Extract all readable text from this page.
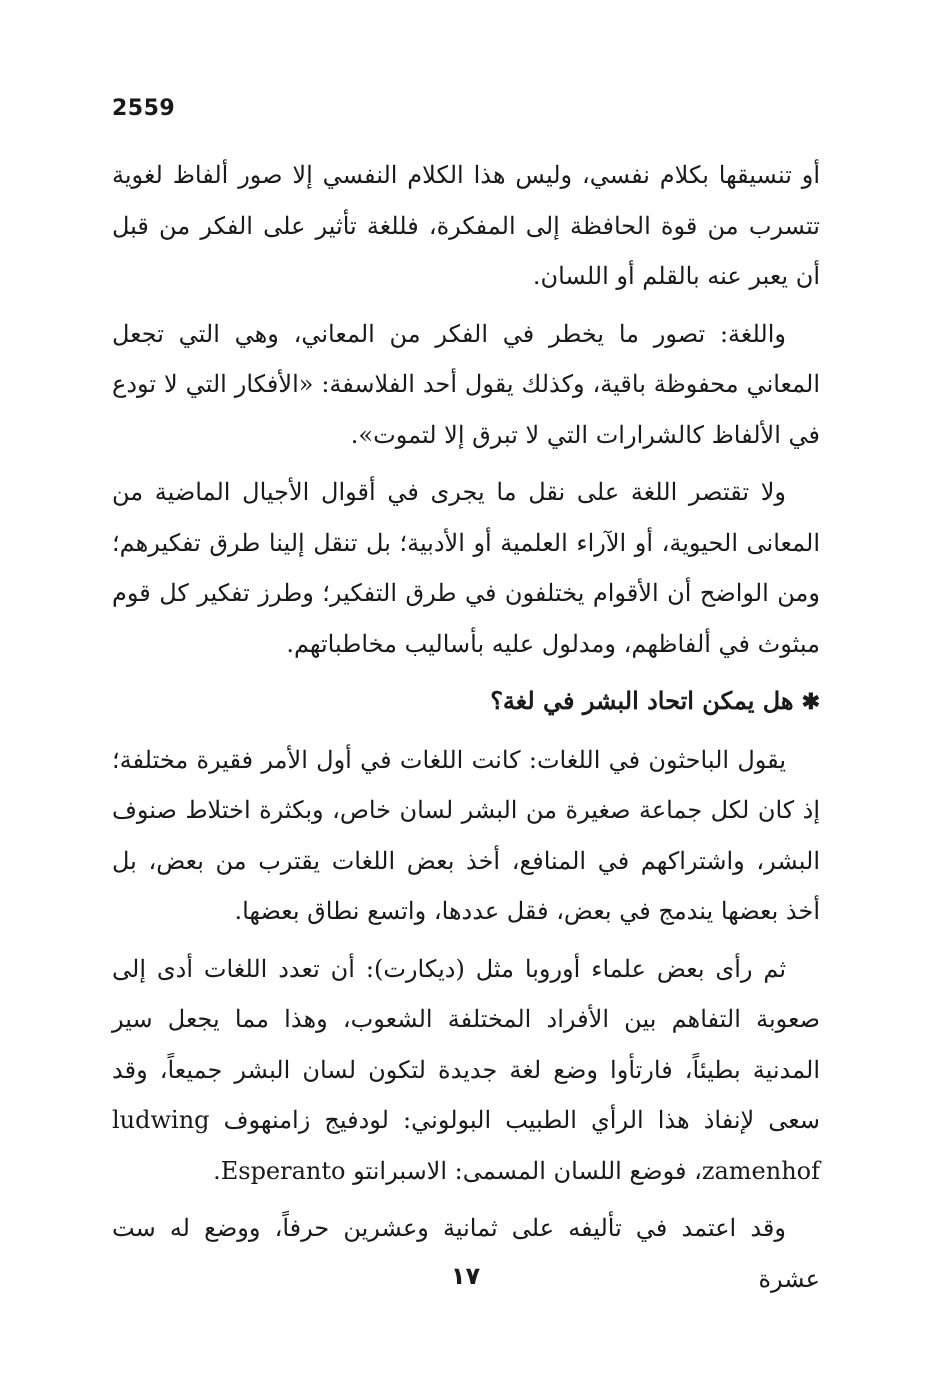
2559

أو تنسيقها بكلام نفسي، وليس هذا الكلام النفسي إلا صور ألفاظ لغوية تتسرب من قوة الحافظة إلى المفكرة، فللغة تأثير على الفكر من قبل أن يعبر عنه بالقلم أو اللسان.

واللغة: تصور ما يخطر في الفكر من المعاني، وهي التي تجعل المعاني محفوظة باقية، وكذلك يقول أحد الفلاسفة: «الأفكار التي لا تودع في الألفاظ كالشرارات التي لا تبرق إلا لتموت».

ولا تقتصر اللغة على نقل ما يجرى في أقوال الأجيال الماضية من المعانى الحيوية، أو الآراء العلمية أو الأدبية؛ بل تنقل إلينا طرق تفكيرهم؛ ومن الواضح أن الأقوام يختلفون في طرق التفكير؛ وطرز تفكير كل قوم مبثوث في ألفاظهم، ومدلول عليه بأساليب مخاطباتهم.

✱هل يمكن اتحاد البشر في لغة؟

يقول الباحثون في اللغات: كانت اللغات في أول الأمر فقيرة مختلفة؛ إذ كان لكل جماعة صغيرة من البشر لسان خاص، وبكثرة اختلاط صنوف البشر، واشتراكهم في المنافع، أخذ بعض اللغات يقترب من بعض، بل أخذ بعضها يندمج في بعض، فقل عددها، واتسع نطاق بعضها.

ثم رأى بعض علماء أوروبا مثل (ديكارت): أن تعدد اللغات أدى إلى صعوبة التفاهم بين الأفراد المختلفة الشعوب، وهذا مما يجعل سير المدنية بطيئاً، فارتأوا وضع لغة جديدة لتكون لسان البشر جميعاً، وقد سعى لإنفاذ هذا الرأي الطبيب البولوني: لودفيج زامنهوف ludwing zamenhof، فوضع اللسان المسمى: الاسبرانتو Esperanto.

وقد اعتمد في تأليفه على ثمانية وعشرين حرفاً، ووضع له ست عشرة

١٧
